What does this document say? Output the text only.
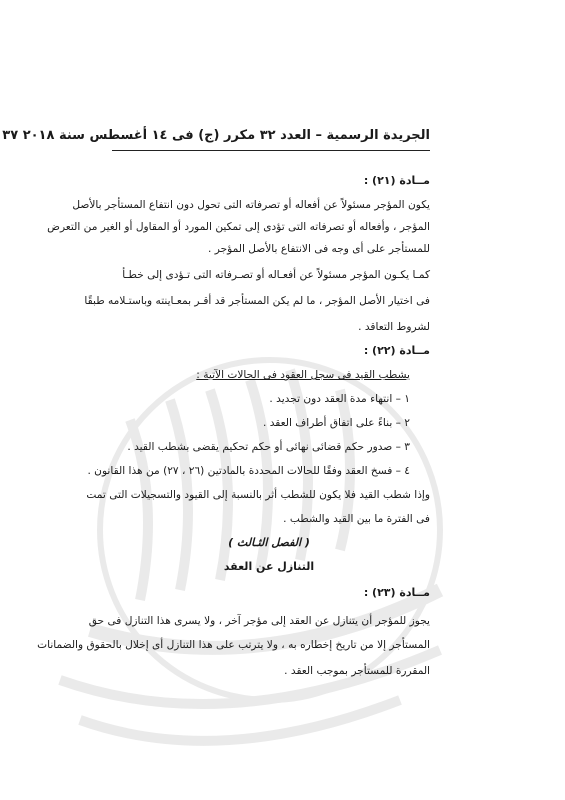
الجريدة الرسمية – العدد ٣٢ مكرر (ج) فى ١٤ أغسطس سنة ٢٠١٨ ٣٧
مــادة (٢١) :
يكون المؤجر مسئولاً عن أفعاله أو تصرفاته التى تحول دون انتفاع المستأجر بالأصل
المؤجر ، وأفعاله أو تصرفاته التى تؤدى إلى تمكين المورد أو المقاول أو الغير من التعرض
للمستأجر على أى وجه فى الانتفاع بالأصل المؤجر .
كمـا يكـون المؤجر مسئولاً عن أفعـاله أو تصـرفاته التى تـؤدى إلى خطـأ
فى اختيار الأصل المؤجر ، ما لم يكن المستأجر قد أقـر بمعـاينته وباستـلامه طبقًا
لشروط التعاقد .
مــادة (٢٢) :
يشطب القيد فى سجل العقود فى الحالات الآتية :
١ – انتهاء مدة العقد دون تجديد .
٢ – بناءً على اتفاق أطراف العقد .
٣ – صدور حكم قضائى نهائى أو حكم تحكيم يقضى بشطب القيد .
٤ – فسخ العقد وفقًا للحالات المحددة بالمادتين (٢٦ ، ٢٧) من هذا القانون .
وإذا شطب القيد فلا يكون للشطب أثر بالنسبة إلى القيود والتسجيلات التى تمت
فى الفترة ما بين القيد والشطب .
( الفصل الثـالث )
التنازل عن العقد
مــادة (٢٣) :
يجوز للمؤجر أن يتنازل عن العقد إلى مؤجر آخر ، ولا يسرى هذا التنازل فى حق
المستأجر إلا من تاريخ إخطاره به ، ولا يترتب على هذا التنازل أى إخلال بالحقوق والضمانات
المقررة للمستأجر بموجب العقد .
